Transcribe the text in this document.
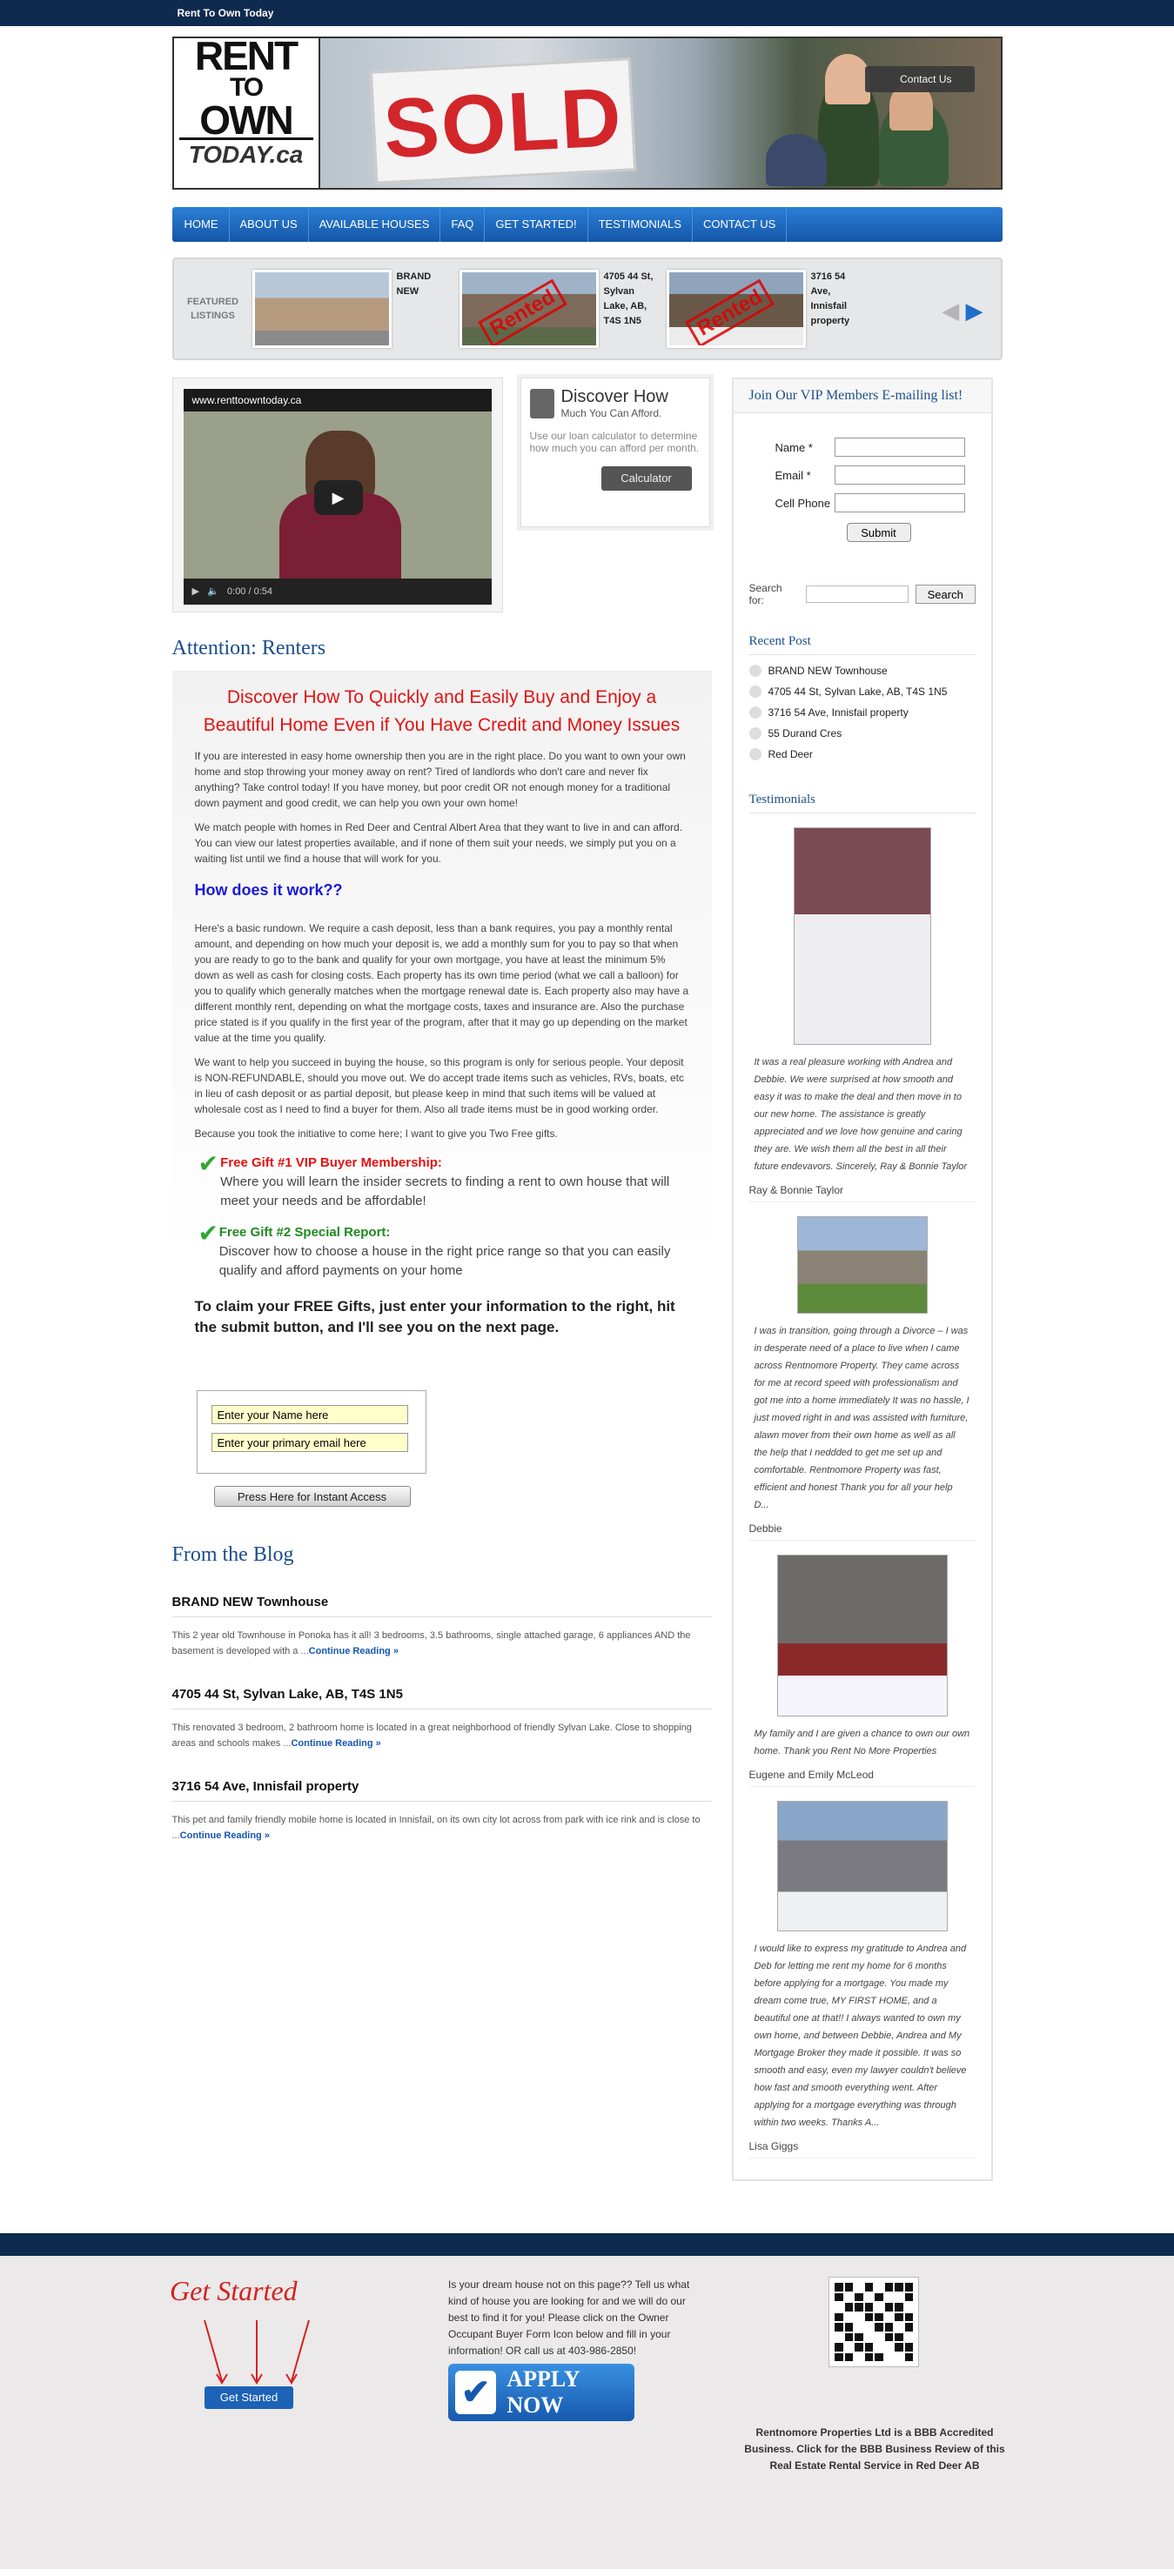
Rent To Own Today
RENT
TO
OWN
TODAY.ca SOLD	Contact Us
HOME	ABOUT US	AVAILABLE HOUSES	FAQ	GET STARTED!	TESTIMONIALS	CONTACT US
FEATURED LISTINGS
BRAND NEW	Rented
4705 44 St, Sylvan Lake, AB, T4S 1N5	Rented
3716 54 Ave, Innisfail property	◀ ▶
www.renttoowntoday.ca
▶
▶ 🔈 0:00 / 0:54
Discover How
Much You Can Afford.

Use our loan calculator to determine how much you can afford per month.

Calculator
Attention: Renters
Discover How To Quickly and Easily Buy and Enjoy a Beautiful Home Even if You Have Credit and Money Issues

If you are interested in easy home ownership then you are in the right place. Do you want to own your own home and stop throwing your money away on rent? Tired of landlords who don't care and never fix anything? Take control today! If you have money, but poor credit OR not enough money for a traditional down payment and good credit, we can help you own your own home!

We match people with homes in Red Deer and Central Albert Area that they want to live in and can afford. You can view our latest properties available, and if none of them suit your needs, we simply put you on a waiting list until we find a house that will work for you.

How does it work??

Here's a basic rundown. We require a cash deposit, less than a bank requires, you pay a monthly rental amount, and depending on how much your deposit is, we add a monthly sum for you to pay so that when you are ready to go to the bank and qualify for your own mortgage, you have at least the minimum 5% down as well as cash for closing costs. Each property has its own time period (what we call a balloon) for you to qualify which generally matches when the mortgage renewal date is. Each property also may have a different monthly rent, depending on what the mortgage costs, taxes and insurance are. Also the purchase price stated is if you qualify in the first year of the program, after that it may go up depending on the market value at the time you qualify.

We want to help you succeed in buying the house, so this program is only for serious people. Your deposit is NON-REFUNDABLE, should you move out. We do accept trade items such as vehicles, RVs, boats, etc in lieu of cash deposit or as partial deposit, but please keep in mind that such items will be valued at wholesale cost as I need to find a buyer for them. Also all trade items must be in good working order.

Because you took the initiative to come here; I want to give you Two Free gifts.

✔ Free Gift #1 VIP Buyer Membership:
Where you will learn the insider secrets to finding a rent to own house that will meet your needs and be affordable!
✔ Free Gift #2 Special Report:
Discover how to choose a house in the right price range so that you can easily qualify and afford payments on your home
To claim your FREE Gifts, just enter your information to the right, hit the submit button, and I'll see you on the next page.
Enter your Name here Enter your primary email here
Press Here for Instant Access
From the Blog
BRAND NEW Townhouse

This 2 year old Townhouse in Ponoka has it all! 3 bedrooms, 3.5 bathrooms, single attached garage, 6 appliances AND the basement is developed with a ...Continue Reading »

4705 44 St, Sylvan Lake, AB, T4S 1N5

This renovated 3 bedroom, 2 bathroom home is located in a great neighborhood of friendly Sylvan Lake. Close to shopping areas and schools makes ...Continue Reading »

3716 54 Ave, Innisfail property

This pet and family friendly mobile home is located in Innisfail, on its own city lot across from park with ice rink and is close to ...Continue Reading »

Join Our VIP Members E-mailing list!
Name *
Email *
Cell Phone
Submit
Search for:	Search
Recent Post
BRAND NEW Townhouse
4705 44 St, Sylvan Lake, AB, T4S 1N5
3716 54 Ave, Innisfail property
55 Durand Cres
Red Deer
Testimonials
It was a real pleasure working with Andrea and Debbie. We were surprised at how smooth and easy it was to make the deal and then move in to our new home. The assistance is greatly appreciated and we love how genuine and caring they are. We wish them all the best in all their future endevavors. Sincerely, Ray & Bonnie Taylor
Ray & Bonnie Taylor
I was in transition, going through a Divorce – I was in desperate need of a place to live when I came across Rentnomore Property. They came across for me at record speed with professionalism and got me into a home immediately It was no hassle, I just moved right in and was assisted with furniture, alawn mover from their own home as well as all the help that I neddded to get me set up and comfortable. Rentnomore Property was fast, efficient and honest Thank you for all your help D...
Debbie
My family and I are given a chance to own our own home. Thank you Rent No More Properties
Eugene and Emily McLeod
I would like to express my gratitude to Andrea and Deb for letting me rent my home for 6 months before applying for a mortgage. You made my dream come true, MY FIRST HOME, and a beautiful one at that!! I always wanted to own my own home, and between Debbie, Andrea and My Mortgage Broker they made it possible. It was so smooth and easy, even my lawyer couldn't believe how fast and smooth everything went. After applying for a mortgage everything was through within two weeks. Thanks A...
Lisa Giggs
Get Started
Get Started
Is your dream house not on this page?? Tell us what kind of house you are looking for and we will do our best to find it for you! Please click on the Owner Occupant Buyer Form Icon below and fill in your information! OR call us at 403-986-2850!
✔ APPLY NOW
Rentnomore Properties Ltd is a BBB Accredited Business. Click for the BBB Business Review of this Real Estate Rental Service in Red Deer AB
